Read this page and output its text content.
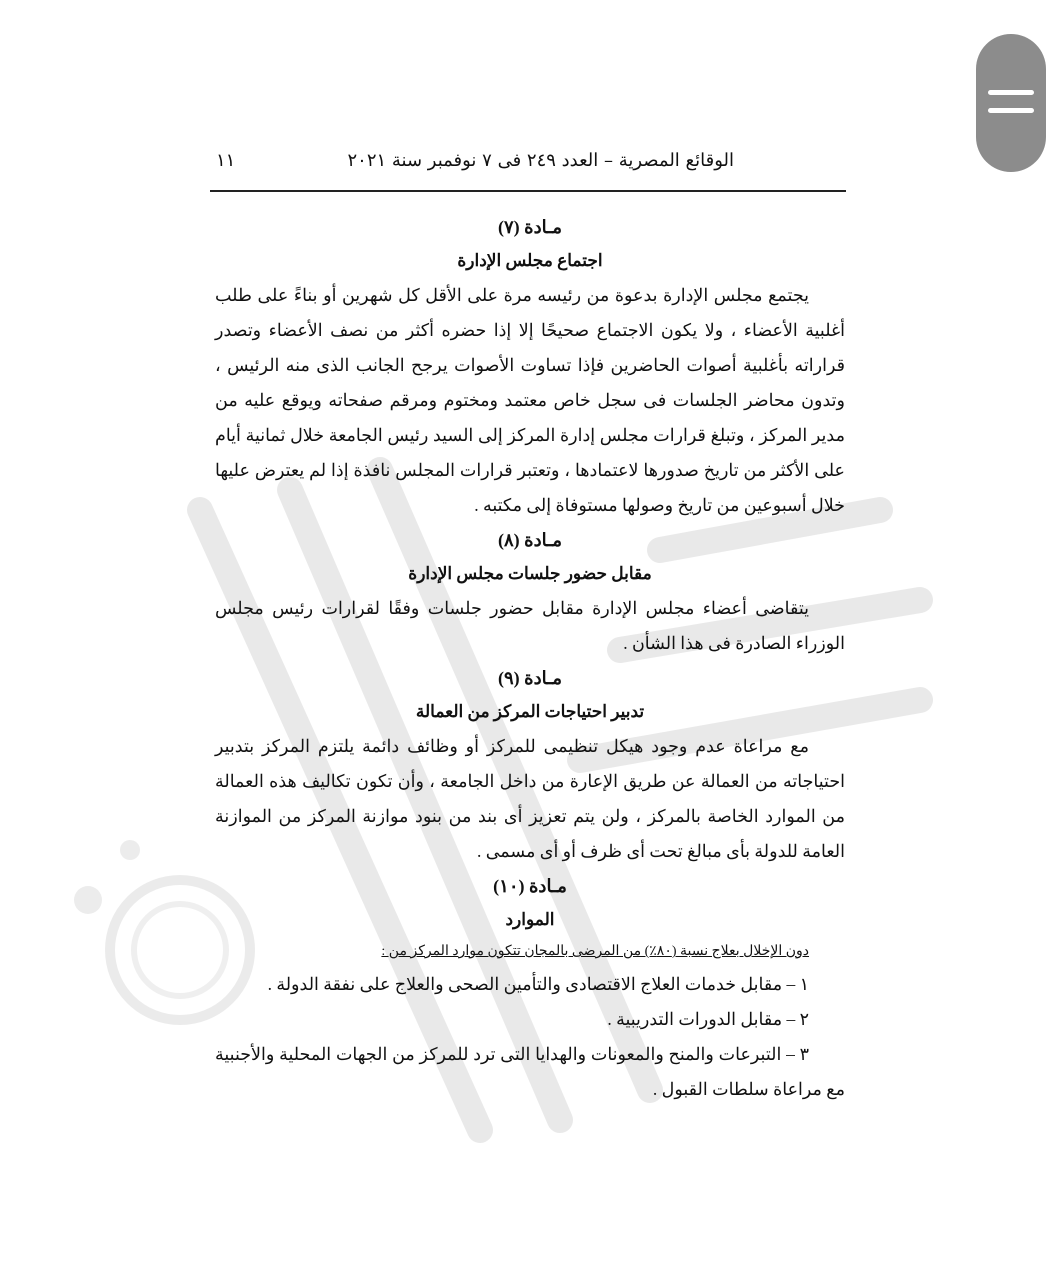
الوقائع المصرية – العدد ٢٤٩ فى ٧ نوفمبر سنة ٢٠٢١
١١
مـادة (٧)
اجتماع مجلس الإدارة
يجتمع مجلس الإدارة بدعوة من رئيسه مرة على الأقل كل شهرين أو بناءً على طلب أغلبية الأعضاء ، ولا يكون الاجتماع صحيحًا إلا إذا حضره أكثر من نصف الأعضاء وتصدر قراراته بأغلبية أصوات الحاضرين فإذا تساوت الأصوات يرجح الجانب الذى منه الرئيس ، وتدون محاضر الجلسات فى سجل خاص معتمد ومختوم ومرقم صفحاته ويوقع عليه من مدير المركز ، وتبلغ قرارات مجلس إدارة المركز إلى السيد رئيس الجامعة خلال ثمانية أيام على الأكثر من تاريخ صدورها لاعتمادها ، وتعتبر قرارات المجلس نافذة إذا لم يعترض عليها خلال أسبوعين من تاريخ وصولها مستوفاة إلى مكتبه .
مـادة (٨)
مقابل حضور جلسات مجلس الإدارة
يتقاضى أعضاء مجلس الإدارة مقابل حضور جلسات وفقًا لقرارات رئيس مجلس الوزراء الصادرة فى هذا الشأن .
مـادة (٩)
تدبير احتياجات المركز من العمالة
مع مراعاة عدم وجود هيكل تنظيمى للمركز أو وظائف دائمة يلتزم المركز بتدبير احتياجاته من العمالة عن طريق الإعارة من داخل الجامعة ، وأن تكون تكاليف هذه العمالة من الموارد الخاصة بالمركز ، ولن يتم تعزيز أى بند من بنود موازنة المركز من الموازنة العامة للدولة بأى مبالغ تحت أى ظرف أو أى مسمى .
مـادة (١٠)
الموارد
دون الإخلال بعلاج نسبة (٨٠٪) من المرضى بالمجان تتكون موارد المركز من :
١ – مقابل خدمات العلاج الاقتصادى والتأمين الصحى والعلاج على نفقة الدولة .
٢ – مقابل الدورات التدريبية .
٣ – التبرعات والمنح والمعونات والهدايا التى ترد للمركز من الجهات المحلية والأجنبية مع مراعاة سلطات القبول .
